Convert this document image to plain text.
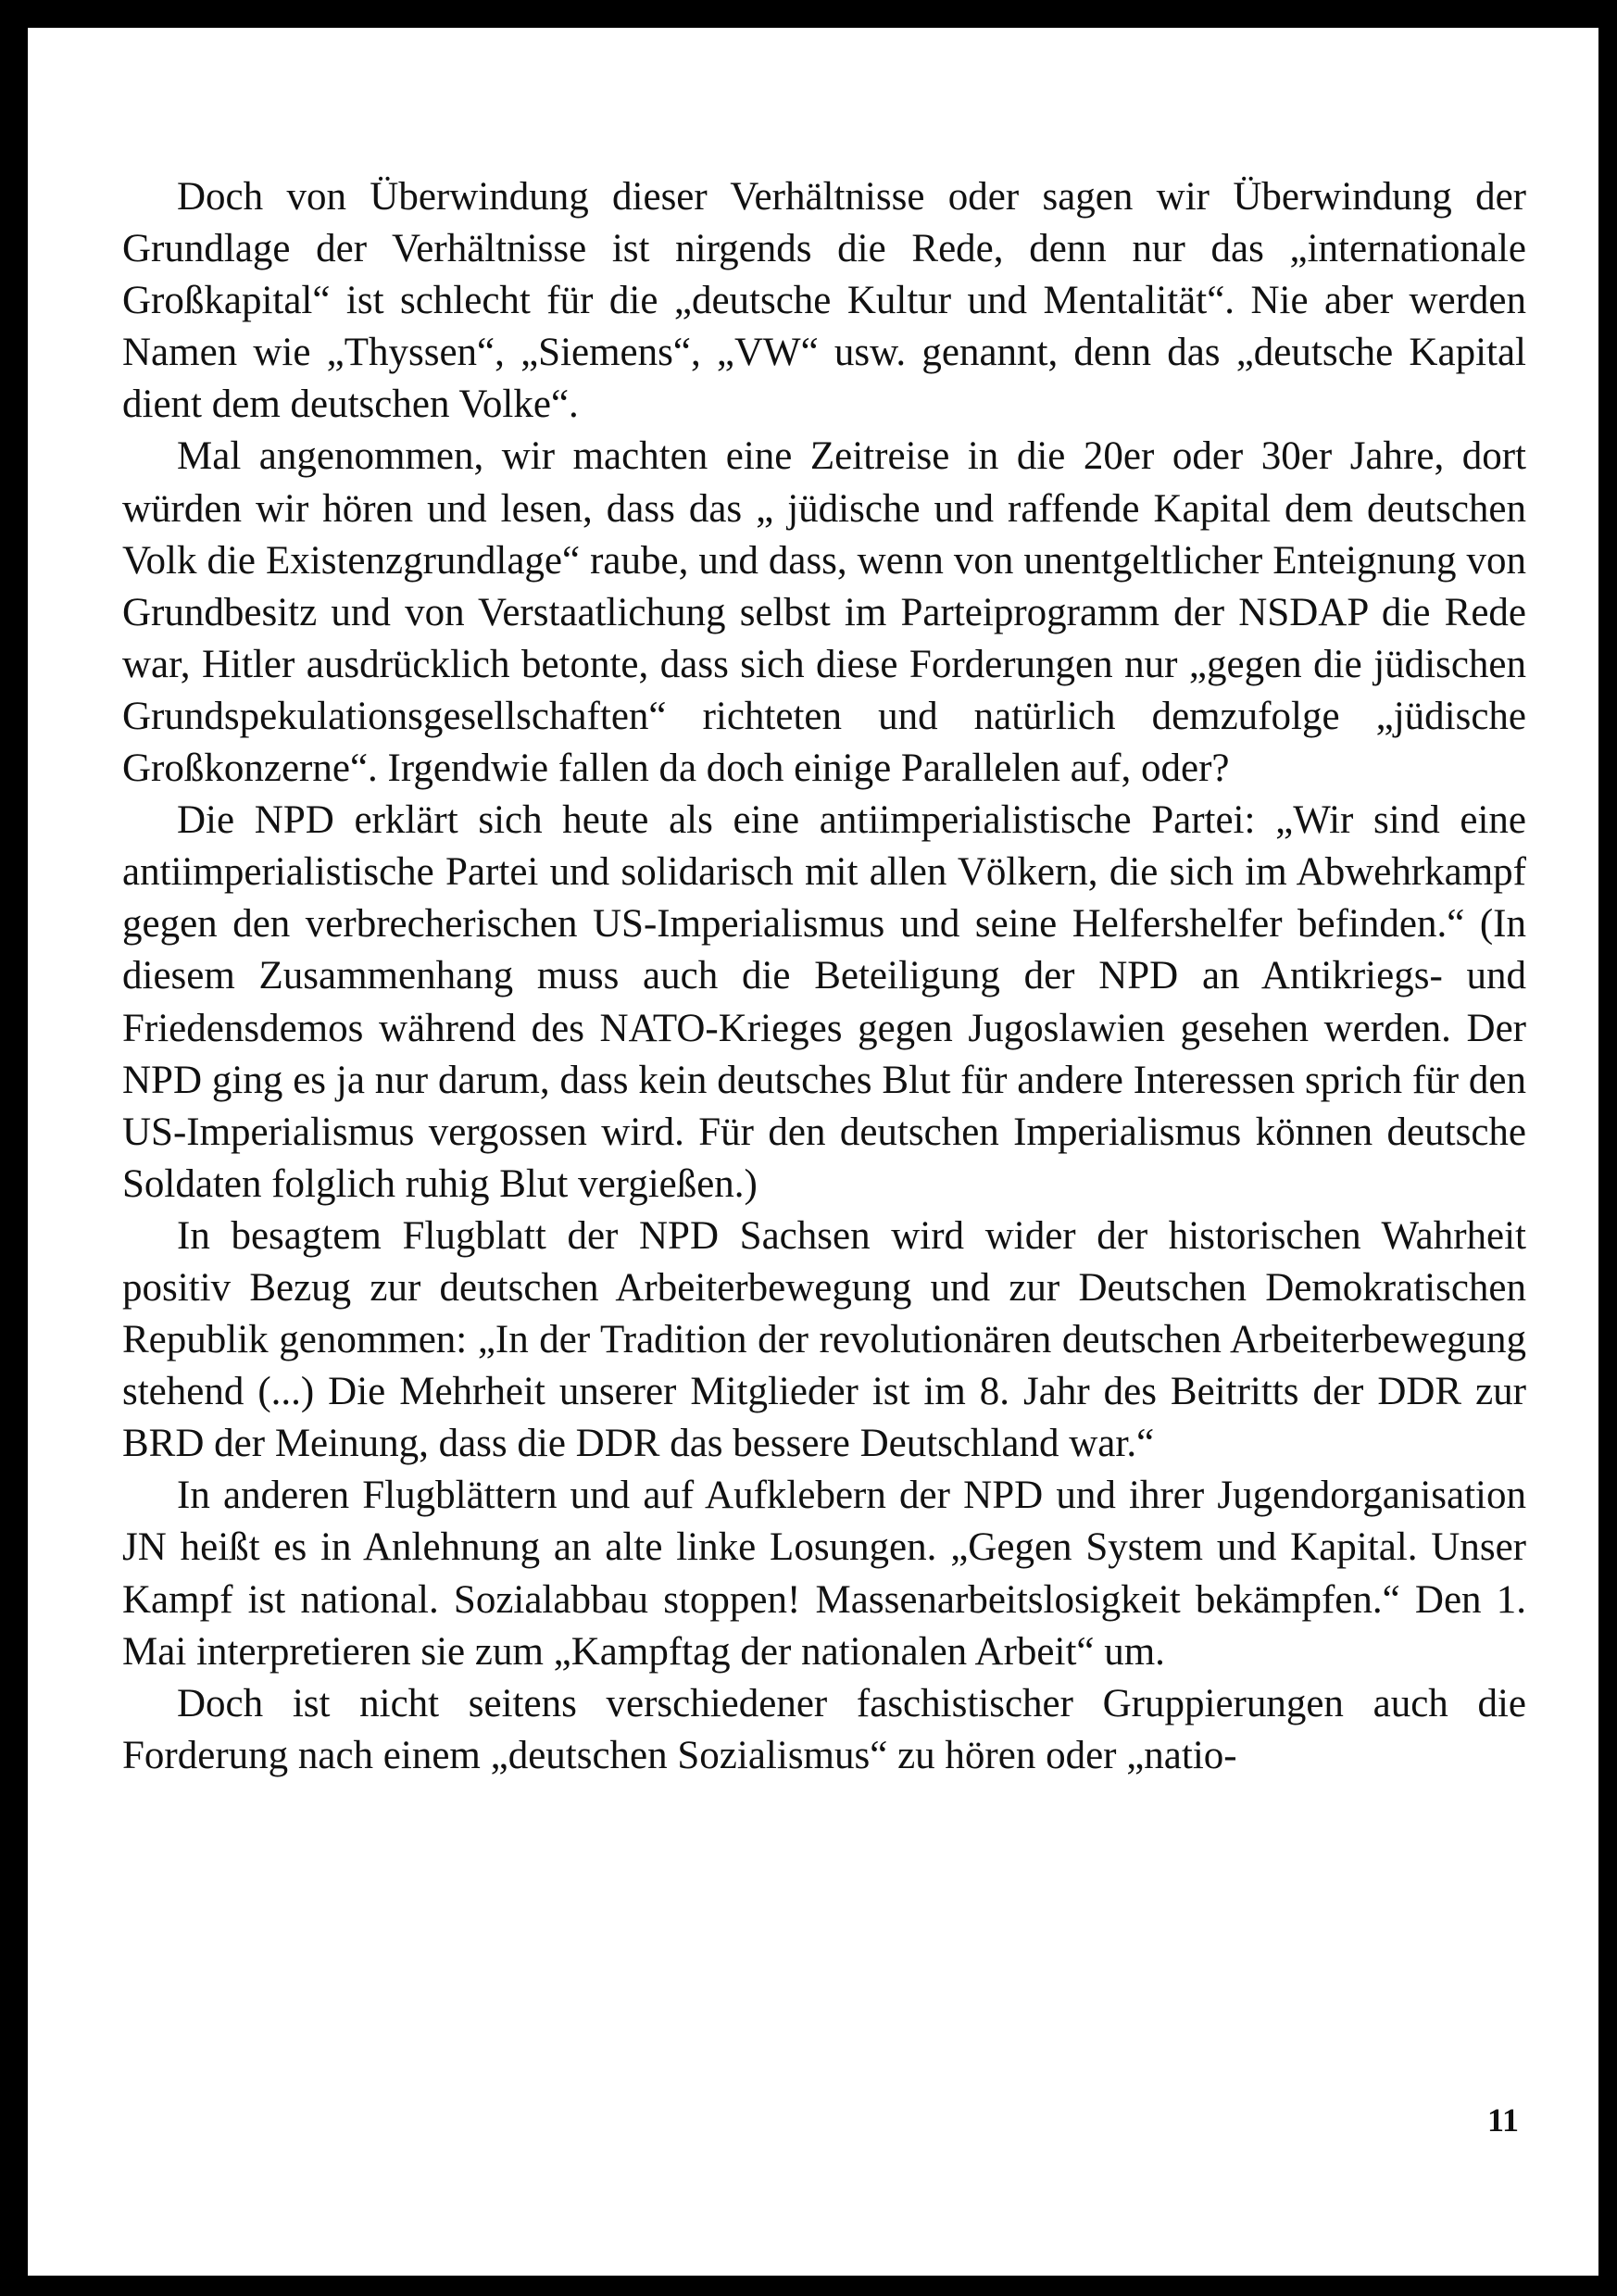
Doch von Überwindung dieser Verhältnisse oder sagen wir Überwindung der Grundlage der Verhältnisse ist nirgends die Rede, denn nur das „internationale Großkapital“ ist schlecht für die „deutsche Kultur und Mentalität“. Nie aber werden Namen wie „Thyssen“, „Siemens“, „VW“ usw. genannt, denn das „deutsche Kapital dient dem deutschen Volke“.

Mal angenommen, wir machten eine Zeitreise in die 20er oder 30er Jahre, dort würden wir hören und lesen, dass das „ jüdische und raffende Kapital dem deutschen Volk die Existenzgrundlage“ raube, und dass, wenn von unentgeltlicher Enteignung von Grundbesitz und von Verstaatlichung selbst im Parteiprogramm der NSDAP die Rede war, Hitler ausdrücklich betonte, dass sich diese Forderungen nur „gegen die jüdischen Grundspekulationsgesellschaften“ richteten und natürlich demzufolge „jüdische Großkonzerne“. Irgendwie fallen da doch einige Parallelen auf, oder?

Die NPD erklärt sich heute als eine antiimperialistische Partei: „Wir sind eine antiimperialistische Partei und solidarisch mit allen Völkern, die sich im Abwehrkampf gegen den verbrecherischen US-Imperialismus und seine Helfershelfer befinden.“ (In diesem Zusammenhang muss auch die Beteiligung der NPD an Antikriegs- und Friedensdemos während des NATO-Krieges gegen Jugoslawien gesehen werden. Der NPD ging es ja nur darum, dass kein deutsches Blut für andere Interessen sprich für den US-Imperialismus vergossen wird. Für den deutschen Imperialismus können deutsche Soldaten folglich ruhig Blut vergießen.)

In besagtem Flugblatt der NPD Sachsen wird wider der historischen Wahrheit positiv Bezug zur deutschen Arbeiterbewegung und zur Deutschen Demokratischen Republik genommen: „In der Tradition der revolutionären deutschen Arbeiterbewegung stehend (...) Die Mehrheit unserer Mitglieder ist im 8. Jahr des Beitritts der DDR zur BRD der Meinung, dass die DDR das bessere Deutschland war.“

In anderen Flugblättern und auf Aufklebern der NPD und ihrer Jugendorganisation JN heißt es in Anlehnung an alte linke Losungen. „Gegen System und Kapital. Unser Kampf ist national. Sozialabbau stoppen! Massenarbeitslosigkeit bekämpfen.“ Den 1. Mai interpretieren sie zum „Kampftag der nationalen Arbeit“ um.

Doch ist nicht seitens verschiedener faschistischer Gruppierungen auch die Forderung nach einem „deutschen Sozialismus“ zu hören oder „natio-

11
